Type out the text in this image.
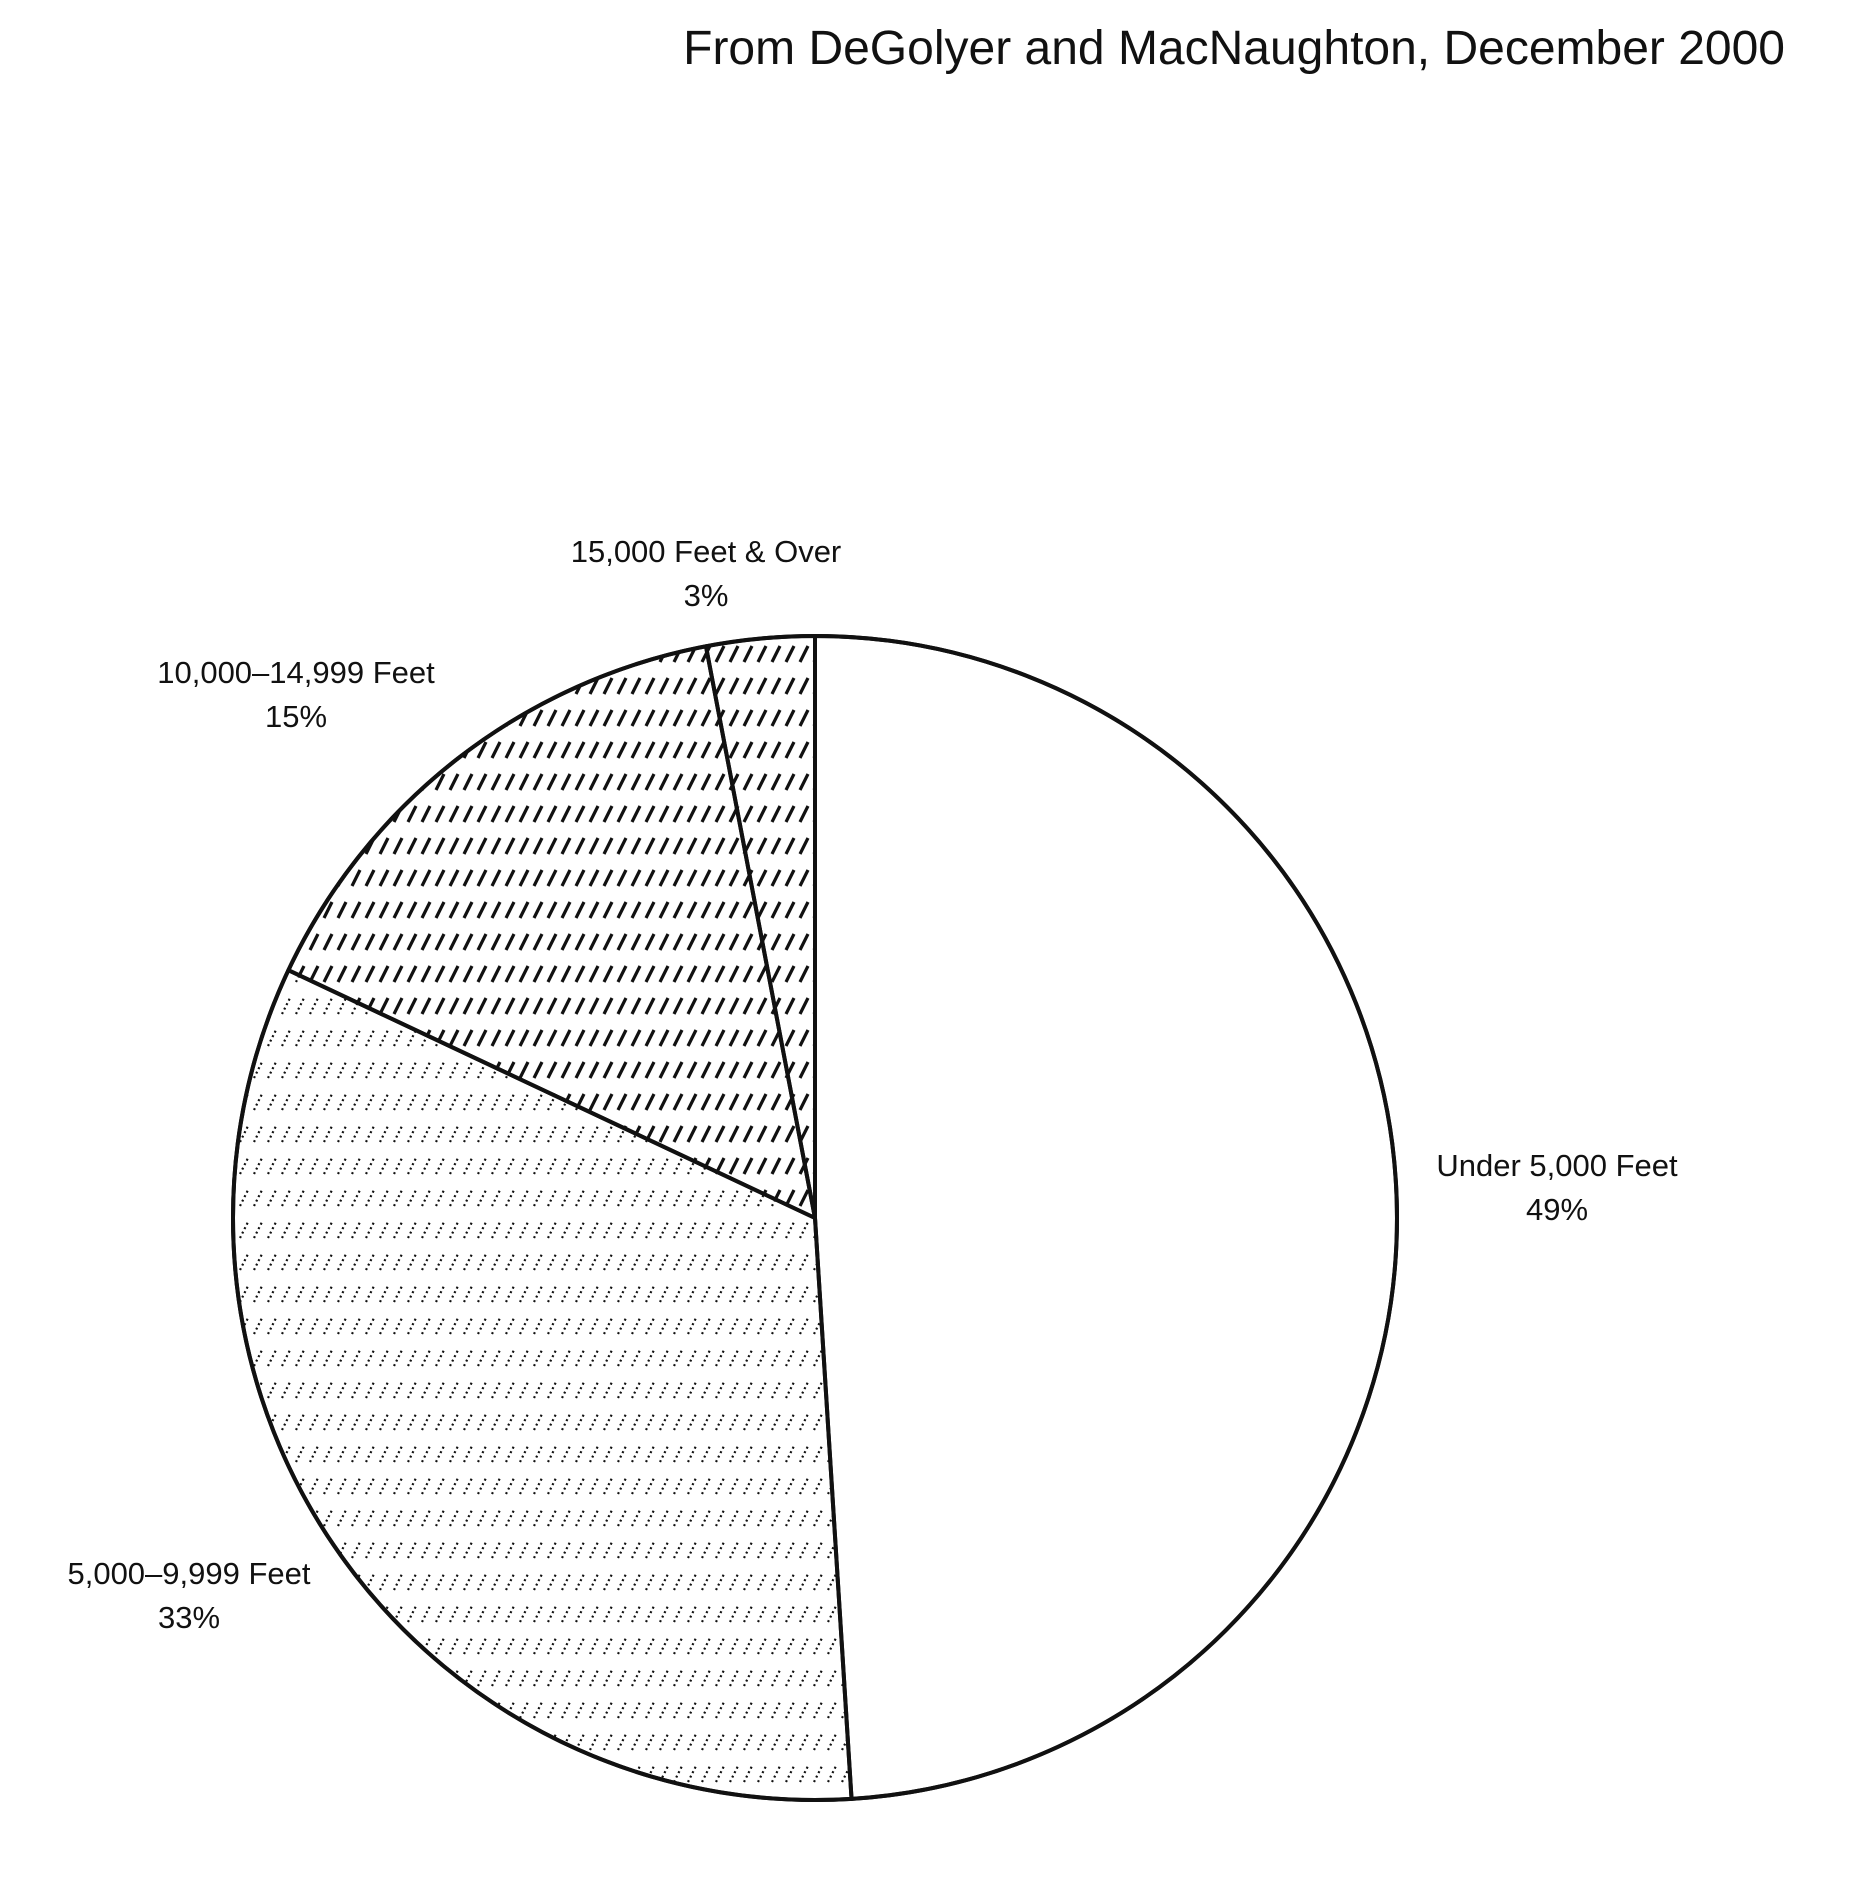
From DeGolyer and MacNaughton, December 2000
Under 5,000 Feet
49%
5,000–9,999 Feet
33%
10,000–14,999 Feet
15%
15,000 Feet & Over
3%
